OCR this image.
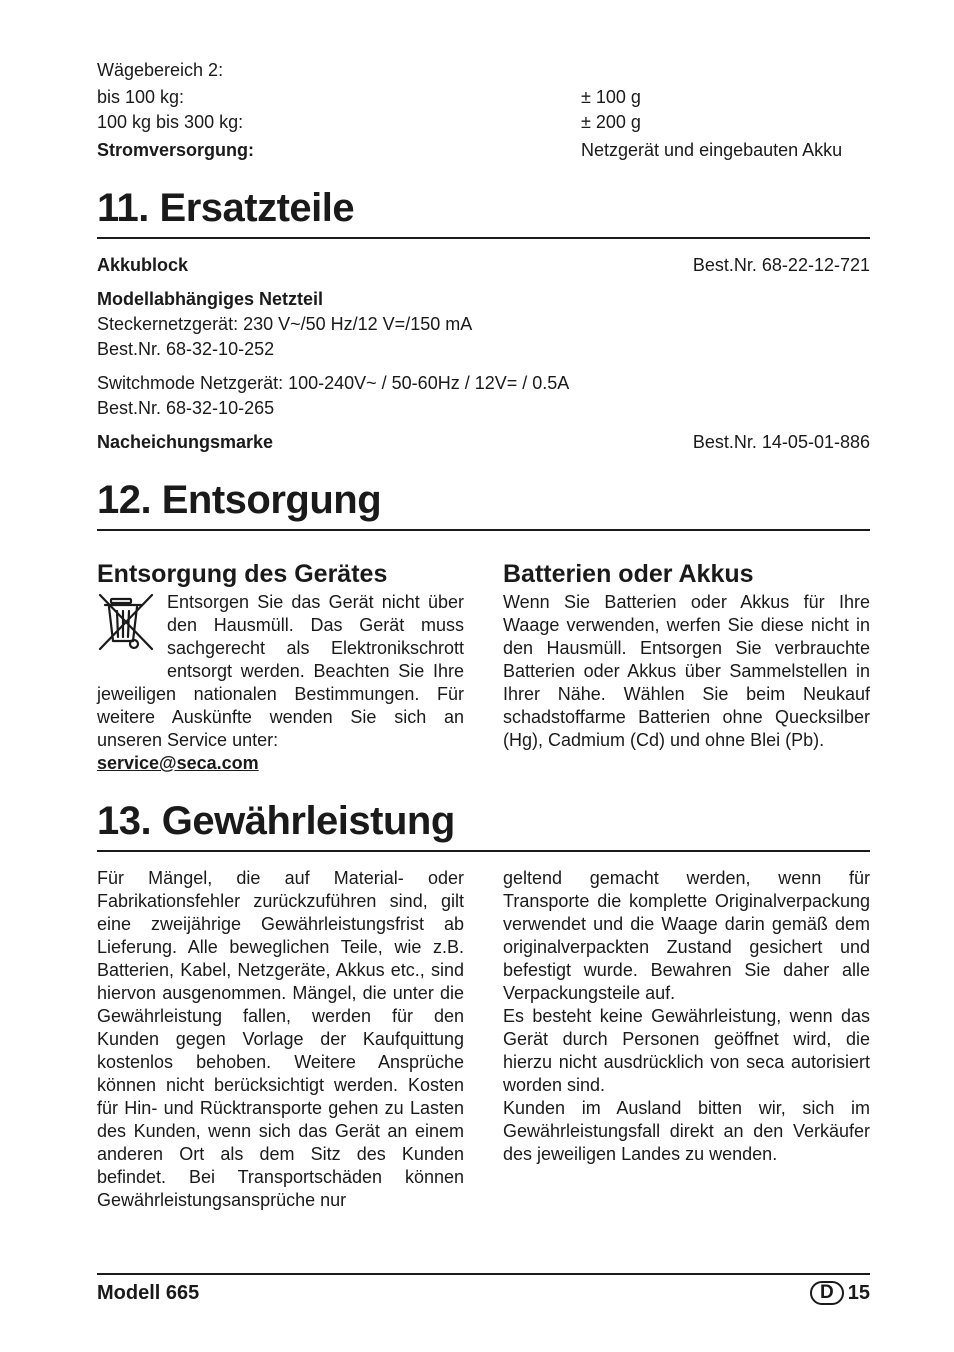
Wägebereich 2:
bis 100 kg:	± 100 g
100 kg bis 300 kg:	± 200 g
Stromversorgung:	Netzgerät und eingebauten Akku
11. Ersatzteile
Akkublock	Best.Nr. 68-22-12-721
Modellabhängiges Netzteil
Steckernetzgerät: 230 V~/50 Hz/12 V=/150 mA
Best.Nr. 68-32-10-252
Switchmode Netzgerät: 100-240V~ / 50-60Hz / 12V= / 0.5A
Best.Nr. 68-32-10-265
Nacheichungsmarke	Best.Nr. 14-05-01-886
12. Entsorgung
Entsorgung des Gerätes

Entsorgen Sie das Gerät nicht über den Hausmüll. Das Gerät muss sachgerecht als Elektronikschrott entsorgt werden. Beachten Sie Ihre jeweiligen nationalen Bestimmungen. Für weitere Auskünfte wenden Sie sich an unseren Service unter:

service@seca.com

Batterien oder Akkus

Wenn Sie Batterien oder Akkus für Ihre Waage verwenden, werfen Sie diese nicht in den Hausmüll. Entsorgen Sie verbrauchte Batterien oder Akkus über Sammelstellen in Ihrer Nähe. Wählen Sie beim Neukauf schadstoffarme Batterien ohne Quecksilber (Hg), Cadmium (Cd) und ohne Blei (Pb).

13. Gewährleistung

Für Mängel, die auf Material- oder Fabrikationsfehler zurückzuführen sind, gilt eine zweijährige Gewährleistungsfrist ab Lieferung. Alle beweglichen Teile, wie z.B. Batterien, Kabel, Netzgeräte, Akkus etc., sind hiervon ausgenommen. Mängel, die unter die Gewährleistung fallen, werden für den Kunden gegen Vorlage der Kaufquittung kostenlos behoben. Weitere Ansprüche können nicht berücksichtigt werden. Kosten für Hin- und Rücktransporte gehen zu Lasten des Kunden, wenn sich das Gerät an einem anderen Ort als dem Sitz des Kunden befindet. Bei Transportschäden können Gewährleistungsansprüche nur

geltend gemacht werden, wenn für Transporte die komplette Originalverpackung verwendet und die Waage darin gemäß dem originalverpackten Zustand gesichert und befestigt wurde. Bewahren Sie daher alle Verpackungsteile auf.

Es besteht keine Gewährleistung, wenn das Gerät durch Personen geöffnet wird, die hierzu nicht ausdrücklich von seca autorisiert worden sind.

Kunden im Ausland bitten wir, sich im Gewährleistungsfall direkt an den Verkäufer des jeweiligen Landes zu wenden.

Modell 665	D 15
